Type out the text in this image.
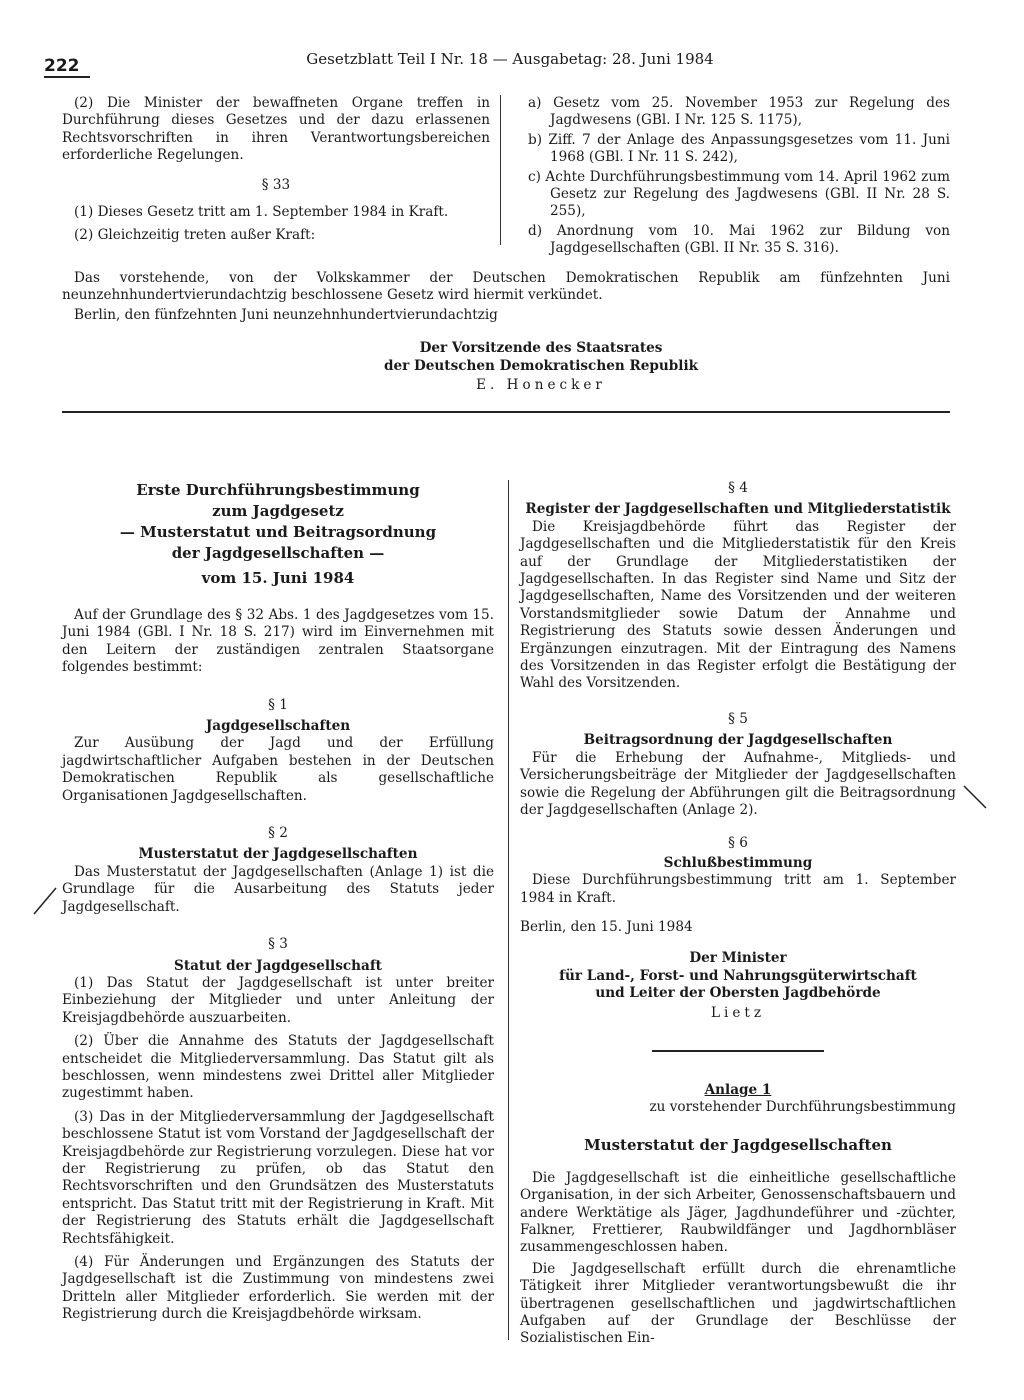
222	Gesetzblatt Teil I Nr. 18 — Ausgabetag: 28. Juni 1984
(2) Die Minister der bewaffneten Organe treffen in Durchführung dieses Gesetzes und der dazu erlassenen Rechtsvorschriften in ihren Verantwortungsbereichen erforderliche Regelungen.
§ 33
(1) Dieses Gesetz tritt am 1. September 1984 in Kraft.
(2) Gleichzeitig treten außer Kraft:
a) Gesetz vom 25. November 1953 zur Regelung des Jagdwesens (GBl. I Nr. 125 S. 1175),
b) Ziff. 7 der Anlage des Anpassungsgesetzes vom 11. Juni 1968 (GBl. I Nr. 11 S. 242),
c) Achte Durchführungsbestimmung vom 14. April 1962 zum Gesetz zur Regelung des Jagdwesens (GBl. II Nr. 28 S. 255),
d) Anordnung vom 10. Mai 1962 zur Bildung von Jagdgesellschaften (GBl. II Nr. 35 S. 316).
Das vorstehende, von der Volkskammer der Deutschen Demokratischen Republik am fünfzehnten Juni neunzehnhundertvierundachtzig beschlossene Gesetz wird hiermit verkündet.
Berlin, den fünfzehnten Juni neunzehnhundertvierundachtzig
Der Vorsitzende des Staatsrates
der Deutschen Demokratischen Republik
E. Honecker
Erste Durchführungsbestimmung
zum Jagdgesetz
— Musterstatut und Beitragsordnung
der Jagdgesellschaften —
vom 15. Juni 1984
Auf der Grundlage des § 32 Abs. 1 des Jagdgesetzes vom 15. Juni 1984 (GBl. I Nr. 18 S. 217) wird im Einvernehmen mit den Leitern der zuständigen zentralen Staatsorgane folgendes bestimmt:
§ 1
Jagdgesellschaften
Zur Ausübung der Jagd und der Erfüllung jagdwirtschaftlicher Aufgaben bestehen in der Deutschen Demokratischen Republik als gesellschaftliche Organisationen Jagdgesellschaften.
§ 2
Musterstatut der Jagdgesellschaften
Das Musterstatut der Jagdgesellschaften (Anlage 1) ist die Grundlage für die Ausarbeitung des Statuts jeder Jagdgesellschaft.
§ 3
Statut der Jagdgesellschaft
(1) Das Statut der Jagdgesellschaft ist unter breiter Einbeziehung der Mitglieder und unter Anleitung der Kreisjagdbehörde auszuarbeiten.
(2) Über die Annahme des Statuts der Jagdgesellschaft entscheidet die Mitgliederversammlung. Das Statut gilt als beschlossen, wenn mindestens zwei Drittel aller Mitglieder zugestimmt haben.
(3) Das in der Mitgliederversammlung der Jagdgesellschaft beschlossene Statut ist vom Vorstand der Jagdgesellschaft der Kreisjagdbehörde zur Registrierung vorzulegen. Diese hat vor der Registrierung zu prüfen, ob das Statut den Rechtsvorschriften und den Grundsätzen des Musterstatuts entspricht. Das Statut tritt mit der Registrierung in Kraft. Mit der Registrierung des Statuts erhält die Jagdgesellschaft Rechtsfähigkeit.
(4) Für Änderungen und Ergänzungen des Statuts der Jagdgesellschaft ist die Zustimmung von mindestens zwei Dritteln aller Mitglieder erforderlich. Sie werden mit der Registrierung durch die Kreisjagdbehörde wirksam.
§ 4
Register der Jagdgesellschaften und Mitgliederstatistik
Die Kreisjagdbehörde führt das Register der Jagdgesellschaften und die Mitgliederstatistik für den Kreis auf der Grundlage der Mitgliederstatistiken der Jagdgesellschaften. In das Register sind Name und Sitz der Jagdgesellschaften, Name des Vorsitzenden und der weiteren Vorstandsmitglieder sowie Datum der Annahme und Registrierung des Statuts sowie dessen Änderungen und Ergänzungen einzutragen. Mit der Eintragung des Namens des Vorsitzenden in das Register erfolgt die Bestätigung der Wahl des Vorsitzenden.
§ 5
Beitragsordnung der Jagdgesellschaften
Für die Erhebung der Aufnahme-, Mitglieds- und Versicherungsbeiträge der Mitglieder der Jagdgesellschaften sowie die Regelung der Abführungen gilt die Beitragsordnung der Jagdgesellschaften (Anlage 2).
§ 6
Schlußbestimmung
Diese Durchführungsbestimmung tritt am 1. September 1984 in Kraft.
Berlin, den 15. Juni 1984
Der Minister
für Land-, Forst- und Nahrungsgüterwirtschaft
und Leiter der Obersten Jagdbehörde
Lietz
Anlage 1
zu vorstehender Durchführungsbestimmung
Musterstatut der Jagdgesellschaften
Die Jagdgesellschaft ist die einheitliche gesellschaftliche Organisation, in der sich Arbeiter, Genossenschaftsbauern und andere Werktätige als Jäger, Jagdhundeführer und -züchter, Falkner, Frettierer, Raubwildfänger und Jagdhornbläser zusammengeschlossen haben.
Die Jagdgesellschaft erfüllt durch die ehrenamtliche Tätigkeit ihrer Mitglieder verantwortungsbewußt die ihr übertragenen gesellschaftlichen und jagdwirtschaftlichen Aufgaben auf der Grundlage der Beschlüsse der Sozialistischen Ein-
